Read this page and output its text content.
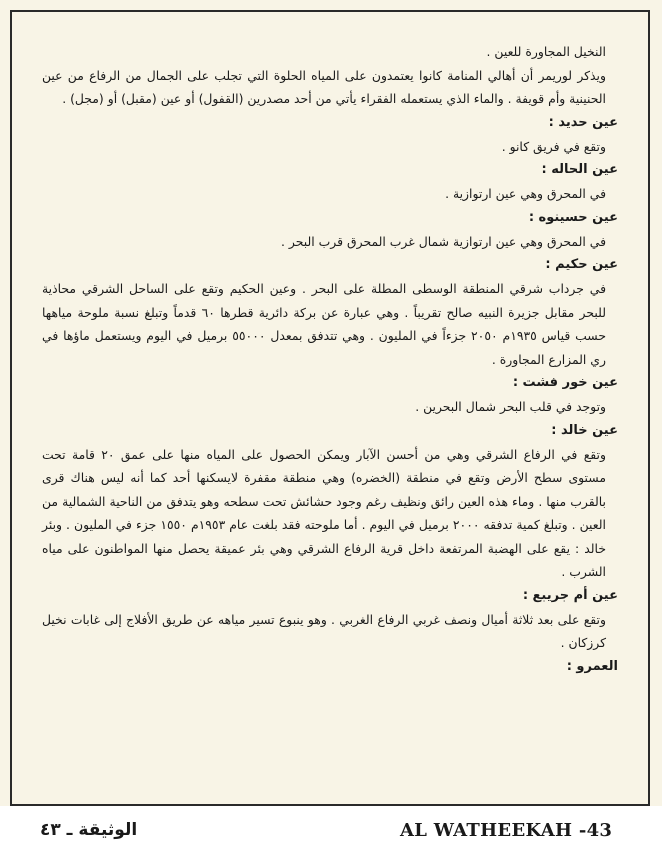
النخيل المجاورة للعين .

ويذكر لوريمر أن أهالي المنامة كانوا يعتمدون على المياه الحلوة التي تجلب على الجمال من الرفاع من عين الحنينية وأم قويفة . والماء الذي يستعمله الفقراء يأتي من أحد مصدرين (القفول) أو عين (مقبل) أو (مجل) .

عين حديد :

وتقع في فريق كانو .

عين الحاله :

في المحرق وهي عين ارتوازية .

عين حسينوه :

في المحرق وهي عين ارتوازية شمال غرب المحرق قرب البحر .

عين حكيم :

في جرداب شرقي المنطقة الوسطى المطلة على البحر . وعين الحكيم وتقع على الساحل الشرقي محاذية للبحر مقابل جزيرة النبيه صالح تقريباً . وهي عبارة عن بركة دائرية قطرها ٦٠ قدماً وتبلغ نسبة ملوحة مياهها حسب قياس ١٩٣٥م ٢٠٥٠ جزءاً في المليون . وهي تتدفق بمعدل ٥٥٠٠٠ برميل في اليوم ويستعمل ماؤها في ري المزارع المجاورة .

عين خور فشت :

وتوجد في قلب البحر شمال البحرين .

عين خالد :

وتقع في الرفاع الشرقي وهي من أحسن الآبار ويمكن الحصول على المياه منها على عمق ٢٠ قامة تحت مستوى سطح الأرض وتقع في منطقة (الخضره) وهي منطقة مقفرة لايسكنها أحد كما أنه ليس هناك قرى بالقرب منها . وماء هذه العين رائق ونظيف رغم وجود حشائش تحت سطحه وهو يتدفق من الناحية الشمالية من العين . وتبلغ كمية تدفقه ٢٠٠٠ برميل في اليوم . أما ملوحته فقد بلغت عام ١٩٥٣م ١٥٥٠ جزء في المليون . وبئر خالد : يقع على الهضبة المرتفعة داخل قرية الرفاع الشرقي وهي بئر عميقة يحصل منها المواطنون على مياه الشرب .

عين أم جريبع :

وتقع على بعد ثلاثة أميال ونصف غربي الرفاع الغربي . وهو ينبوع تسير مياهه عن طريق الأفلاج إلى غابات نخيل كرزكان .

العمرو :

الوثيقة ـ ٤٣	AL WATHEEKAH -43
